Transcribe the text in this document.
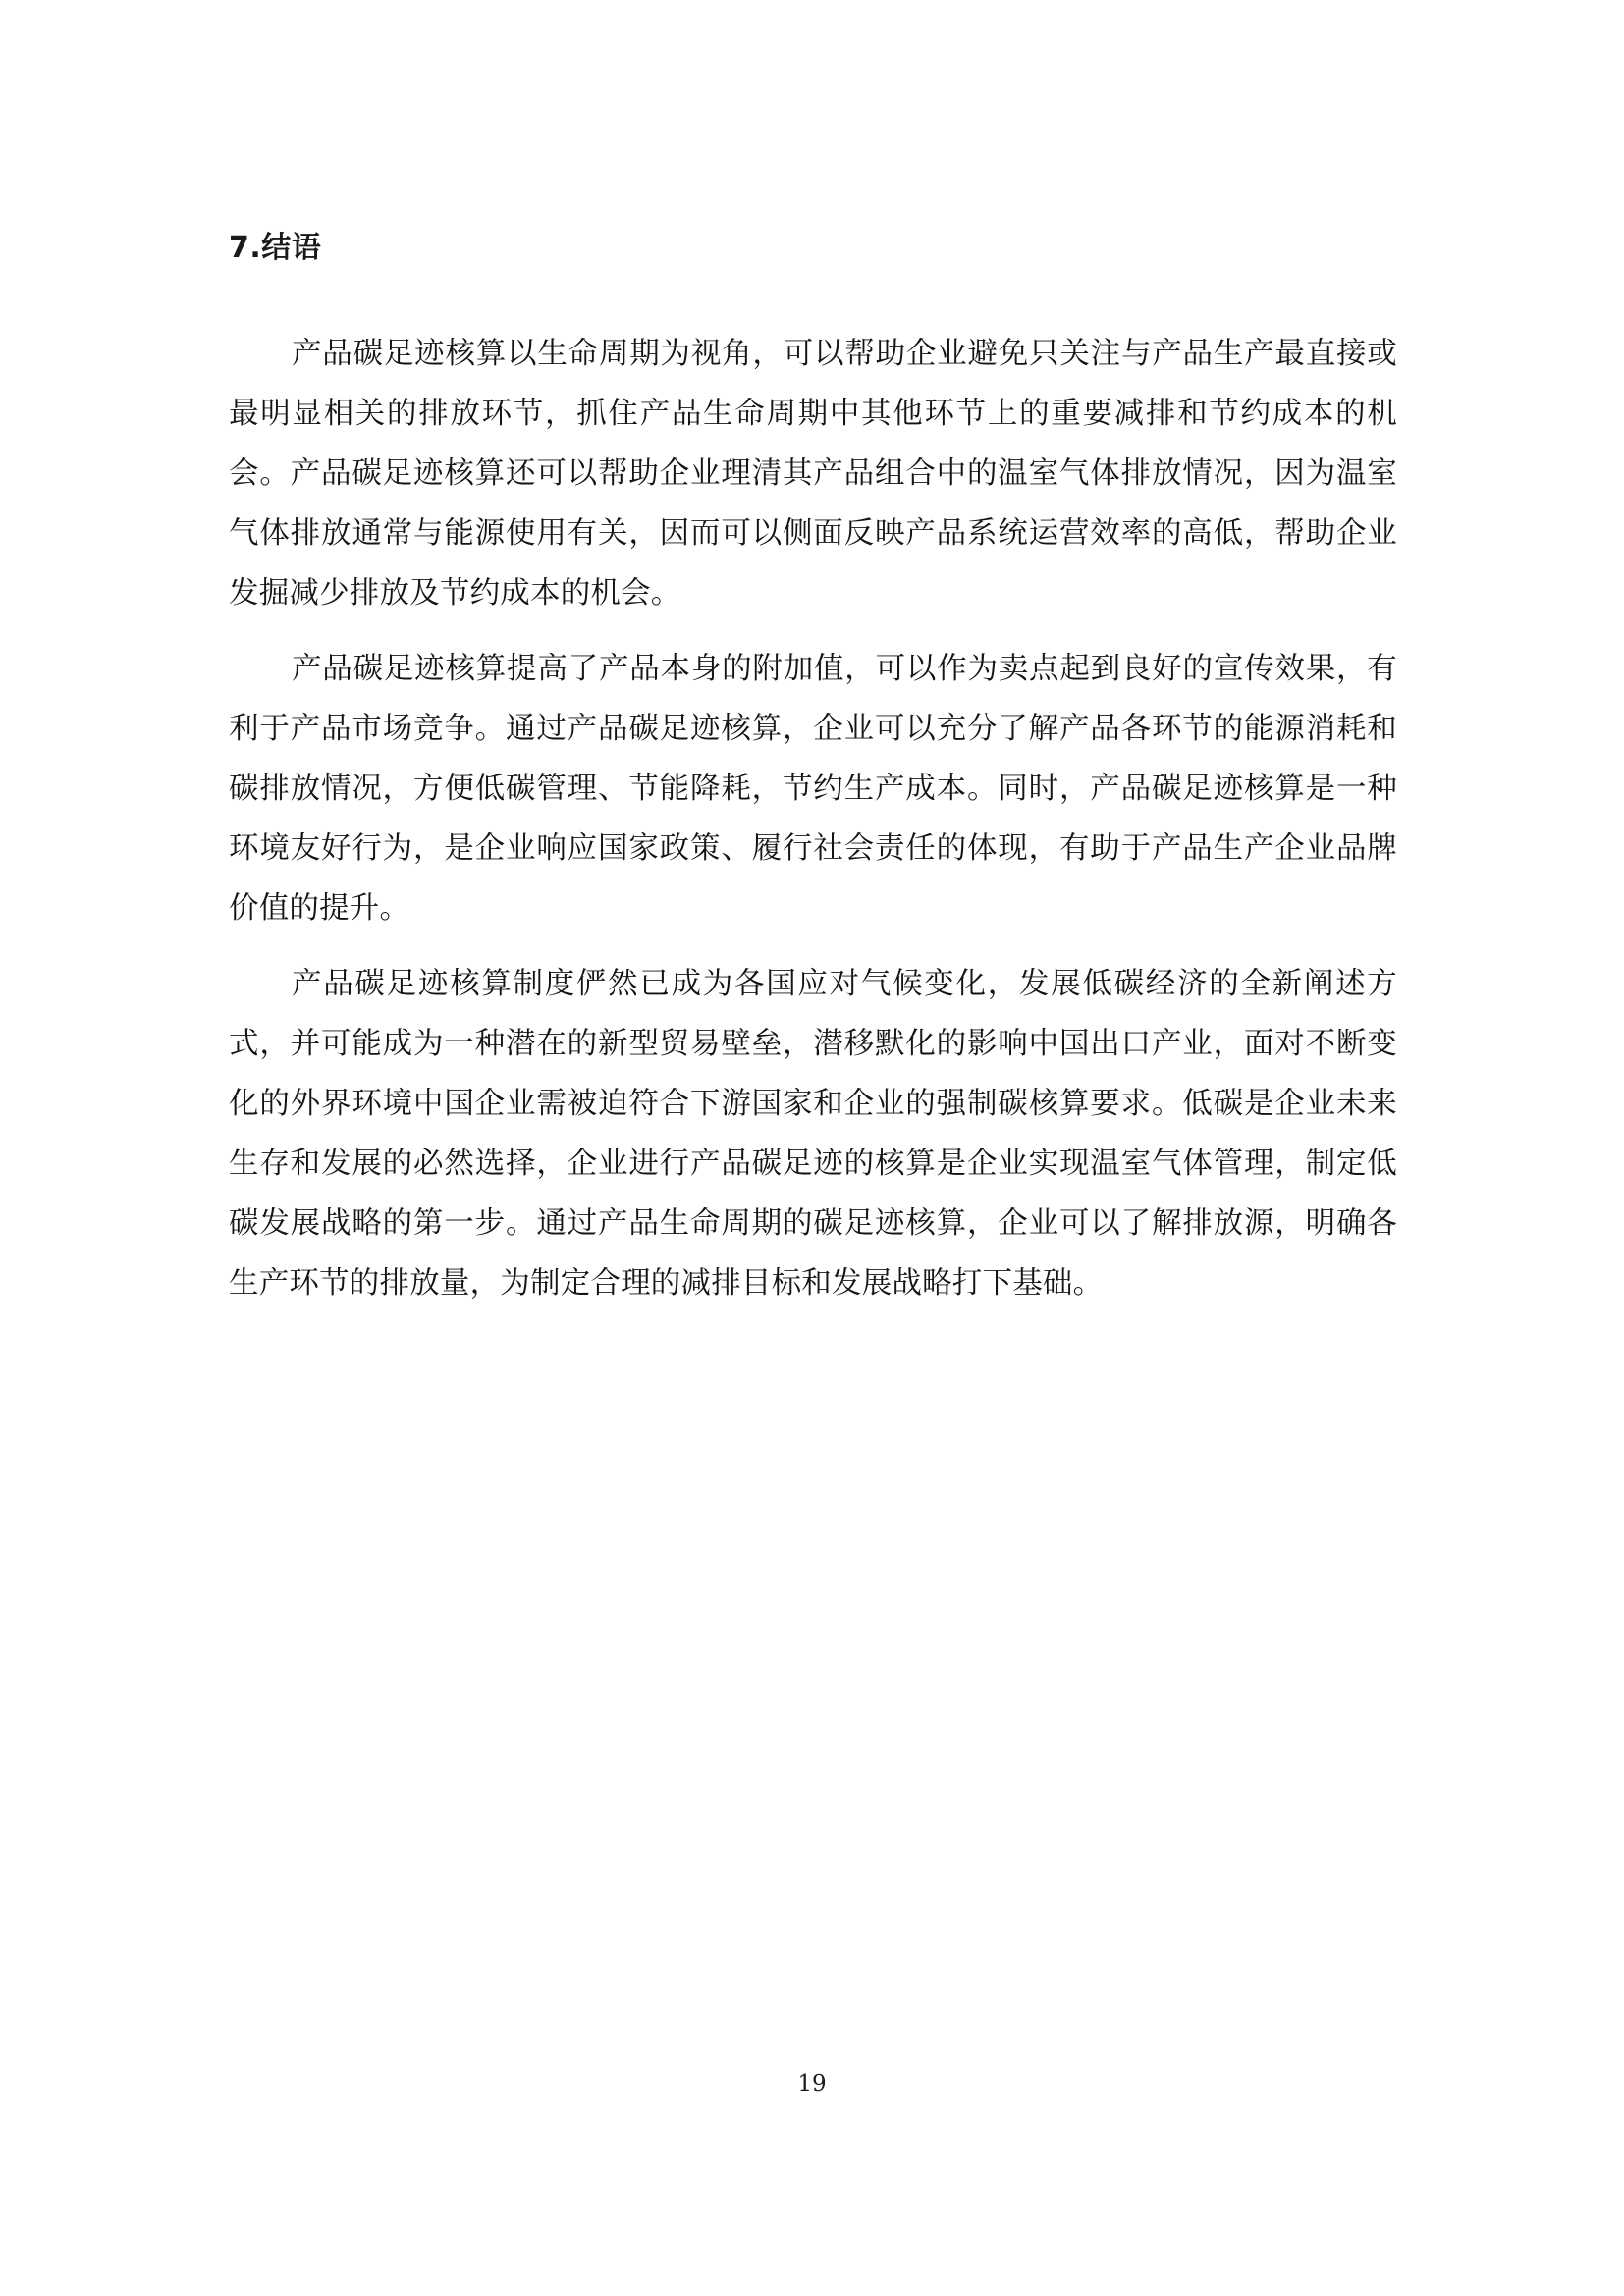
7.结语

产品碳足迹核算以生命周期为视角，可以帮助企业避免只关注与产品生产最直接或最明显相关的排放环节，抓住产品生命周期中其他环节上的重要减排和节约成本的机会。产品碳足迹核算还可以帮助企业理清其产品组合中的温室气体排放情况，因为温室气体排放通常与能源使用有关，因而可以侧面反映产品系统运营效率的高低，帮助企业发掘减少排放及节约成本的机会。

产品碳足迹核算提高了产品本身的附加值，可以作为卖点起到良好的宣传效果，有利于产品市场竞争。通过产品碳足迹核算，企业可以充分了解产品各环节的能源消耗和碳排放情况，方便低碳管理、节能降耗，节约生产成本。同时，产品碳足迹核算是一种环境友好行为，是企业响应国家政策、履行社会责任的体现，有助于产品生产企业品牌价值的提升。

产品碳足迹核算制度俨然已成为各国应对气候变化，发展低碳经济的全新阐述方式，并可能成为一种潜在的新型贸易壁垒，潜移默化的影响中国出口产业，面对不断变化的外界环境中国企业需被迫符合下游国家和企业的强制碳核算要求。低碳是企业未来生存和发展的必然选择，企业进行产品碳足迹的核算是企业实现温室气体管理，制定低碳发展战略的第一步。通过产品生命周期的碳足迹核算，企业可以了解排放源，明确各生产环节的排放量，为制定合理的减排目标和发展战略打下基础。

19
